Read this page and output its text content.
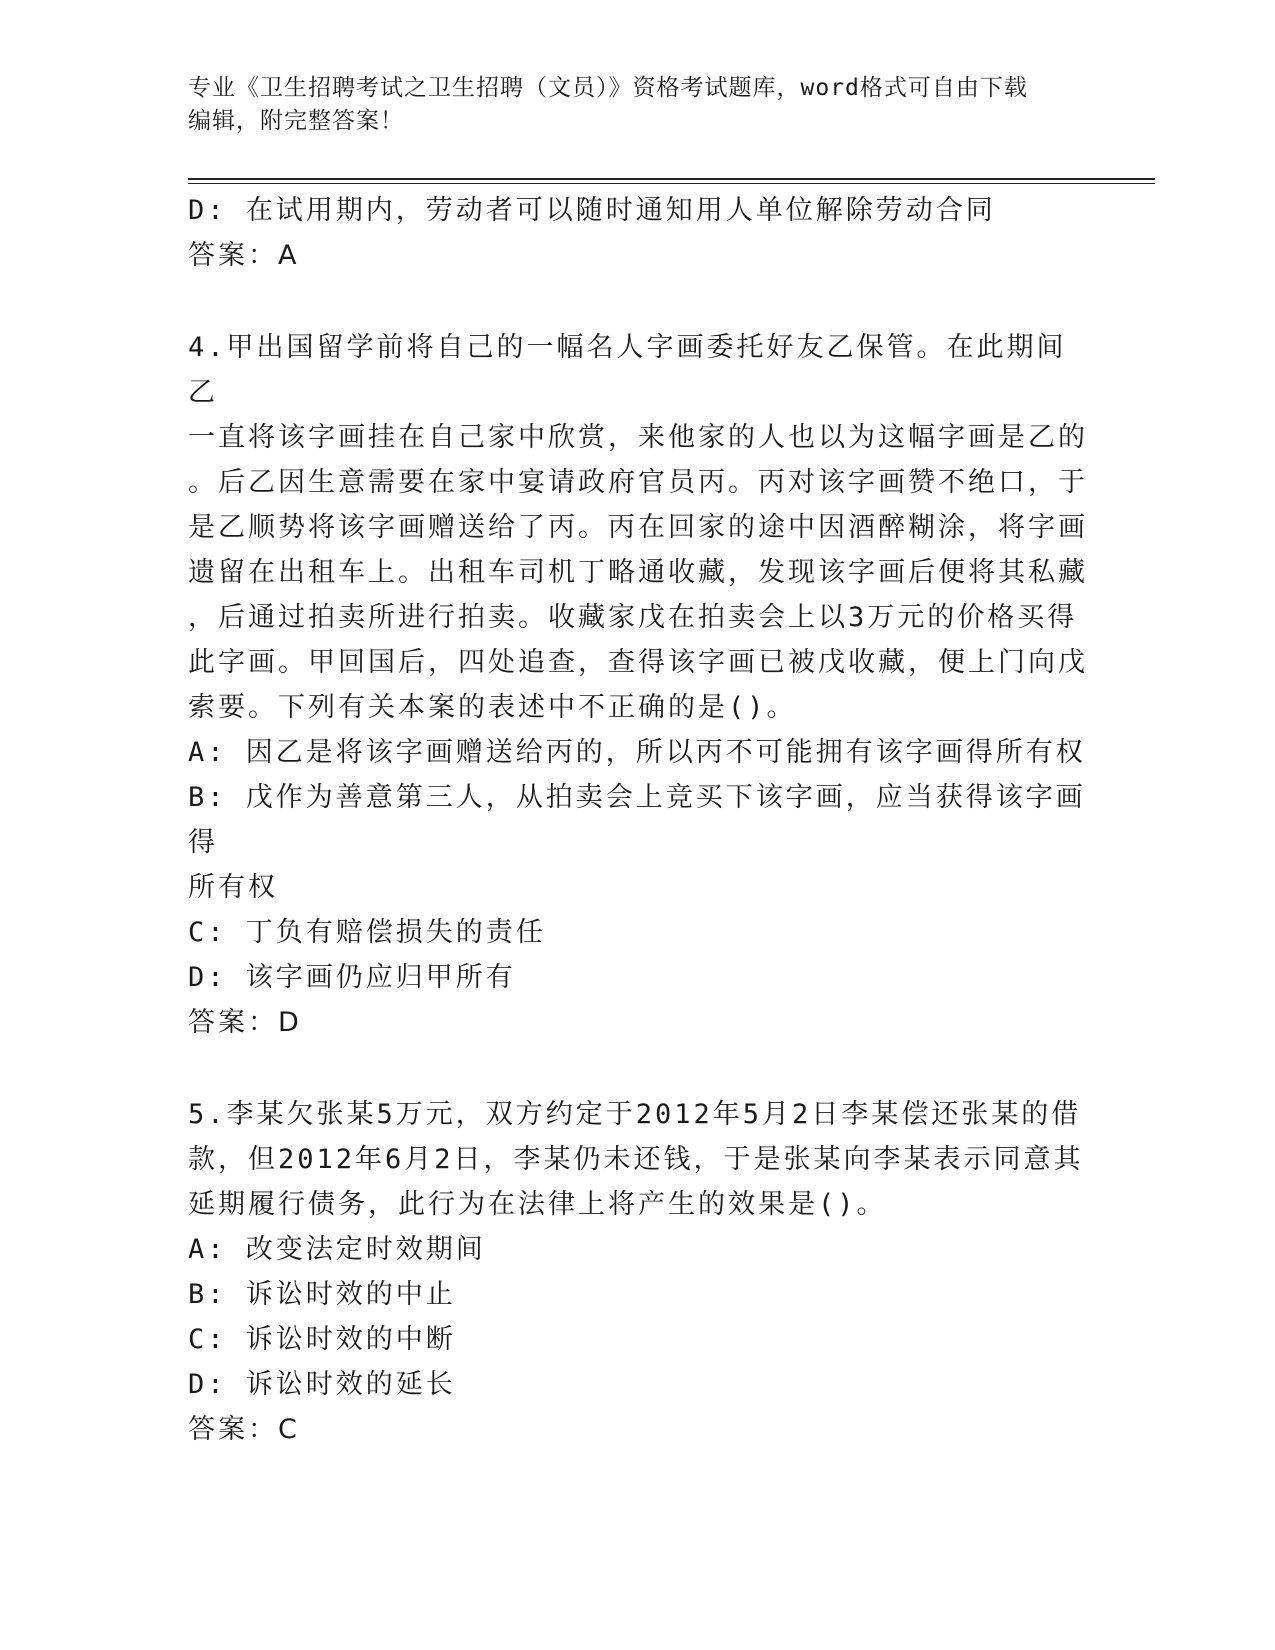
专业《卫生招聘考试之卫生招聘（文员）》资格考试题库，word格式可自由下载
编辑，附完整答案！
D: 在试用期内，劳动者可以随时通知用人单位解除劳动合同
答案：A
4.甲出国留学前将自己的一幅名人字画委托好友乙保管。在此期间乙
一直将该字画挂在自己家中欣赏，来他家的人也以为这幅字画是乙的
。后乙因生意需要在家中宴请政府官员丙。丙对该字画赞不绝口，于
是乙顺势将该字画赠送给了丙。丙在回家的途中因酒醉糊涂，将字画
遗留在出租车上。出租车司机丁略通收藏，发现该字画后便将其私藏
，后通过拍卖所进行拍卖。收藏家戊在拍卖会上以3万元的价格买得
此字画。甲回国后，四处追查，查得该字画已被戊收藏，便上门向戊
索要。下列有关本案的表述中不正确的是()。
A: 因乙是将该字画赠送给丙的，所以丙不可能拥有该字画得所有权
B: 戊作为善意第三人，从拍卖会上竞买下该字画，应当获得该字画得
所有权
C: 丁负有赔偿损失的责任
D: 该字画仍应归甲所有
答案：D
5.李某欠张某5万元，双方约定于2012年5月2日李某偿还张某的借
款，但2012年6月2日，李某仍未还钱，于是张某向李某表示同意其
延期履行债务，此行为在法律上将产生的效果是()。
A: 改变法定时效期间
B: 诉讼时效的中止
C: 诉讼时效的中断
D: 诉讼时效的延长
答案：C
